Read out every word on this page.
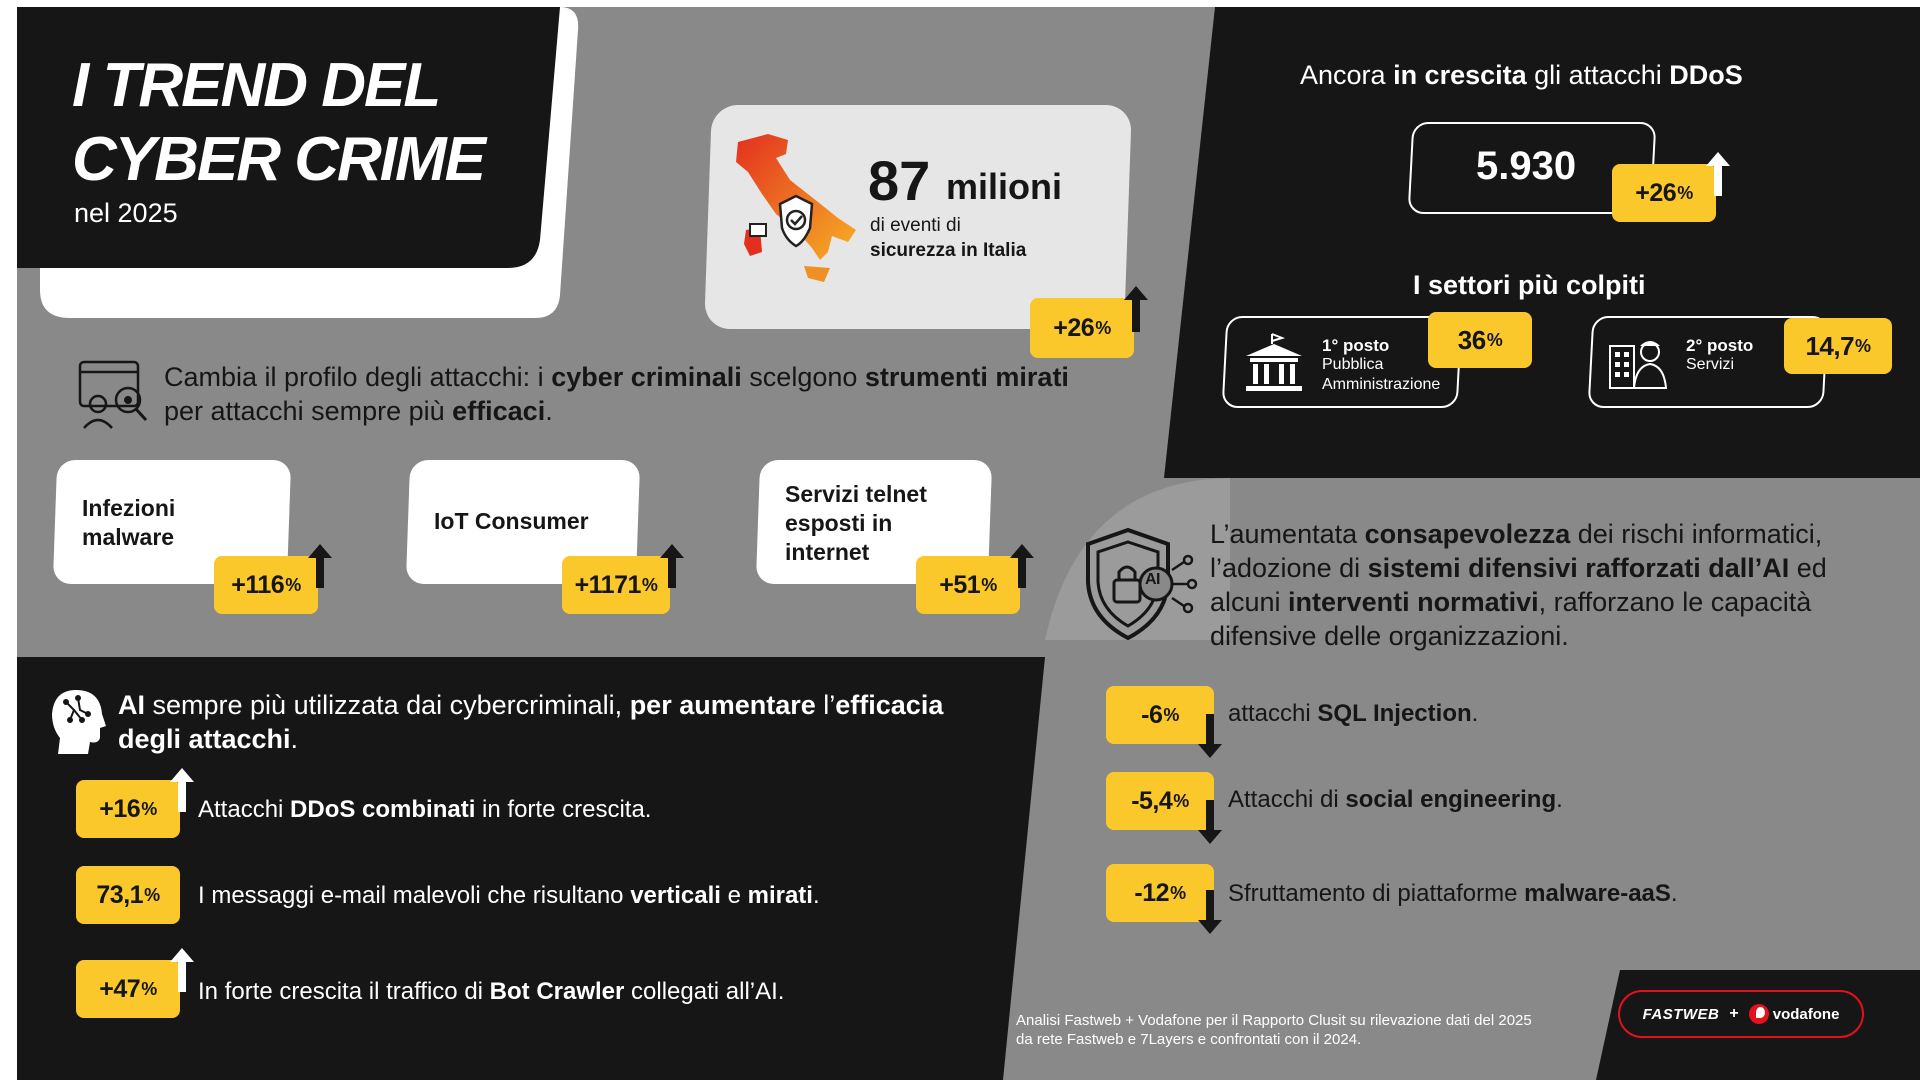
I TREND DEL
CYBER CRIME
nel 2025
87 milioni
di eventi di
sicurezza in Italia
+26 %
Cambia il profilo degli attacchi: i cyber criminali scelgono strumenti mirati
per attacchi sempre più efficaci.
Infezioni malware
+116 %
IoT Consumer
+1171 %
Servizi telnet esposti in internet
+51 %
Ancora in crescita gli attacchi DDoS
5.930
+26 %
I settori più colpiti
1° posto
Pubblica
Amministrazione
36 %	2° posto
Servizi
14,7 %
AI
L’aumentata consapevolezza dei rischi informatici,
l’adozione di sistemi difensivi rafforzati dall’AI ed
alcuni interventi normativi, rafforzano le capacità
difensive delle organizzazioni.
-6 % attacchi SQL Injection.
-5,4 % Attacchi di social engineering.
-12 % Sfruttamento di piattaforme malware-aaS.
AI sempre più utilizzata dai cybercriminali, per aumentare l’efficacia
degli attacchi.
+16 % Attacchi DDoS combinati in forte crescita.
73,1 % I messaggi e-mail malevoli che risultano verticali e mirati.
+47 % In forte crescita il traffico di Bot Crawler collegati all’AI.
Analisi Fastweb + Vodafone per il Rapporto Clusit su rilevazione dati del 2025
da rete Fastweb e 7Layers e confrontati con il 2024.
FASTWEB + vodafone
